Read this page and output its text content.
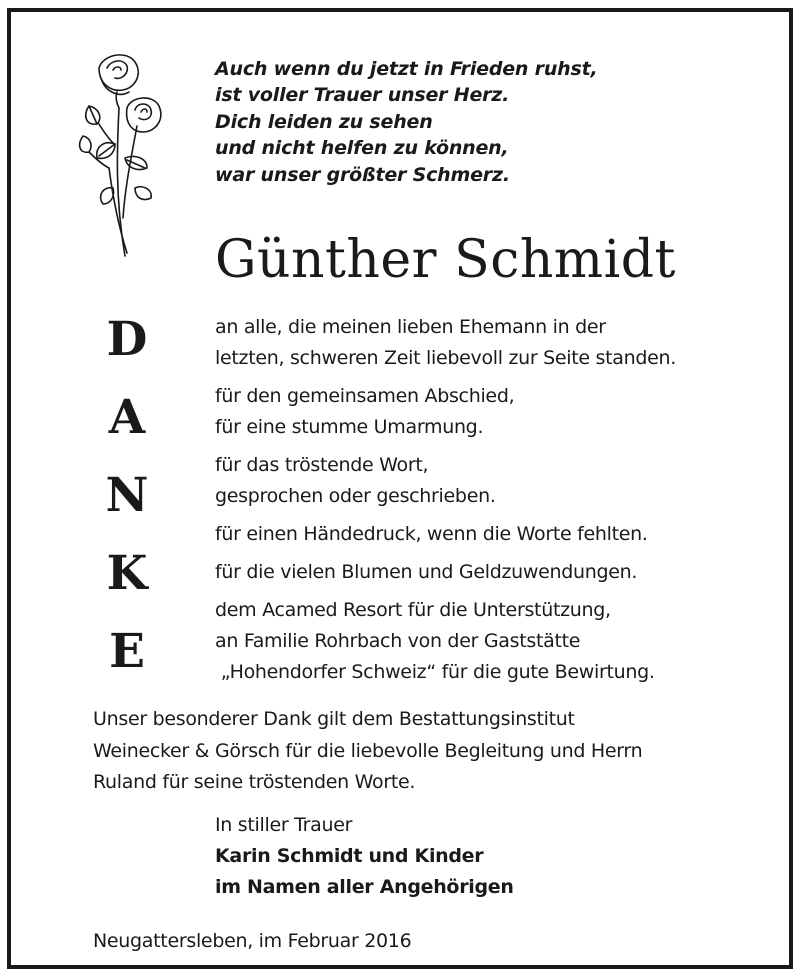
Auch wenn du jetzt in Frieden ruhst,
ist voller Trauer unser Herz.
Dich leiden zu sehen
und nicht helfen zu können,
war unser größter Schmerz.
Günther Schmidt
D
A
N
K
E
an alle, die meinen lieben Ehemann in der
letzten, schweren Zeit liebevoll zur Seite standen.
für den gemeinsamen Abschied,
für eine stumme Umarmung.
für das tröstende Wort,
gesprochen oder geschrieben.
für einen Händedruck, wenn die Worte fehlten.
für die vielen Blumen und Geldzuwendungen.
dem Acamed Resort für die Unterstützung,
an Familie Rohrbach von der Gaststätte
„Hohendorfer Schweiz“ für die gute Bewirtung.
Unser besonderer Dank gilt dem Bestattungsinstitut
Weinecker & Görsch für die liebevolle Begleitung und Herrn
Ruland für seine tröstenden Worte.
In stiller Trauer
Karin Schmidt und Kinder
im Namen aller Angehörigen
Neugattersleben, im Februar 2016
